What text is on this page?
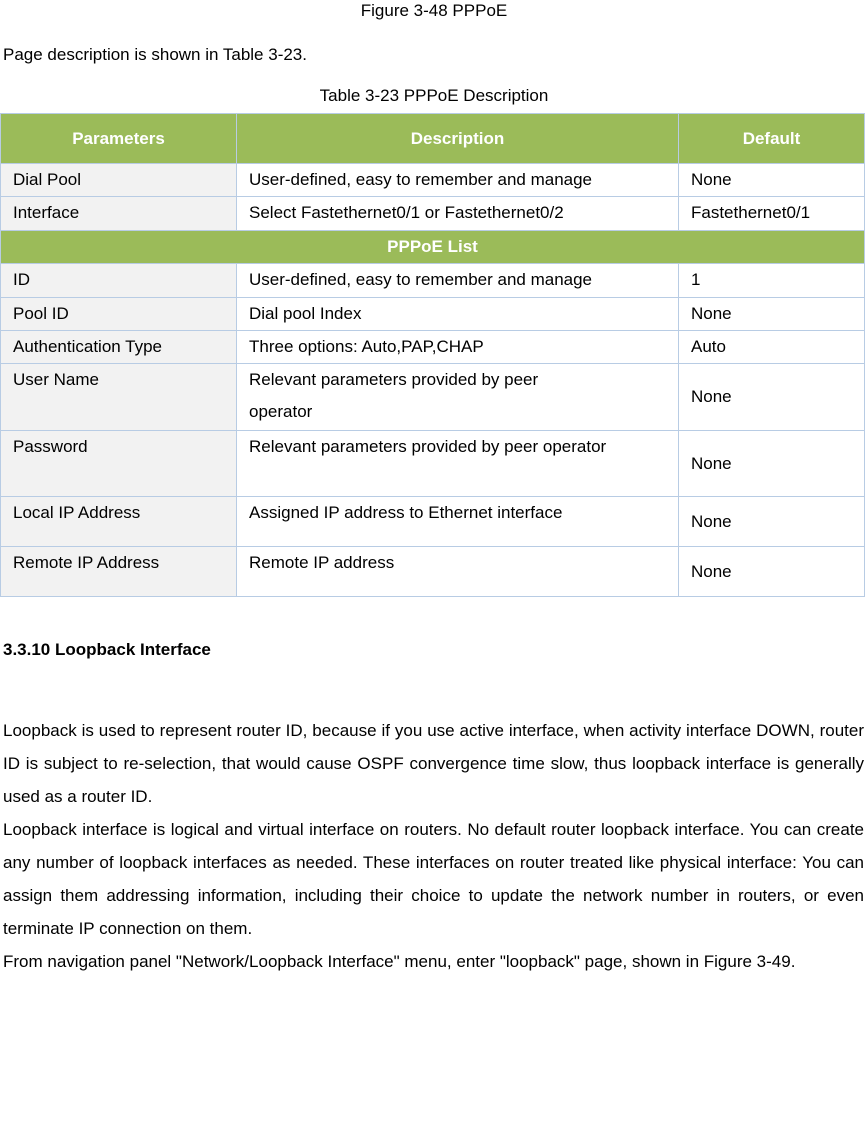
Figure 3-48 PPPoE
Page description is shown in Table 3-23.
Table 3-23 PPPoE Description
Parameters	Description	Default
Dial Pool	User-defined, easy to remember and manage	None
Interface	Select Fastethernet0/1 or Fastethernet0/2	Fastethernet0/1
PPPoE List		
ID	User-defined, easy to remember and manage	1
Pool ID	Dial pool Index	None
Authentication Type	Three options: Auto,PAP,CHAP	Auto
User Name	Relevant parameters provided by peer operator	None
Password	Relevant parameters provided by peer operator	None
Local IP Address	Assigned IP address to Ethernet interface	None
Remote IP Address	Remote IP address	None
3.3.10 Loopback Interface

Loopback is used to represent router ID, because if you use active interface, when activity interface DOWN, router ID is subject to re-selection, that would cause OSPF convergence time slow, thus loopback interface is generally used as a router ID.

Loopback interface is logical and virtual interface on routers. No default router loopback interface. You can create any number of loopback interfaces as needed. These interfaces on router treated like physical interface: You can assign them addressing information, including their choice to update the network number in routers, or even terminate IP connection on them.

From navigation panel "Network/Loopback Interface" menu, enter "loopback" page, shown in Figure 3-49.
